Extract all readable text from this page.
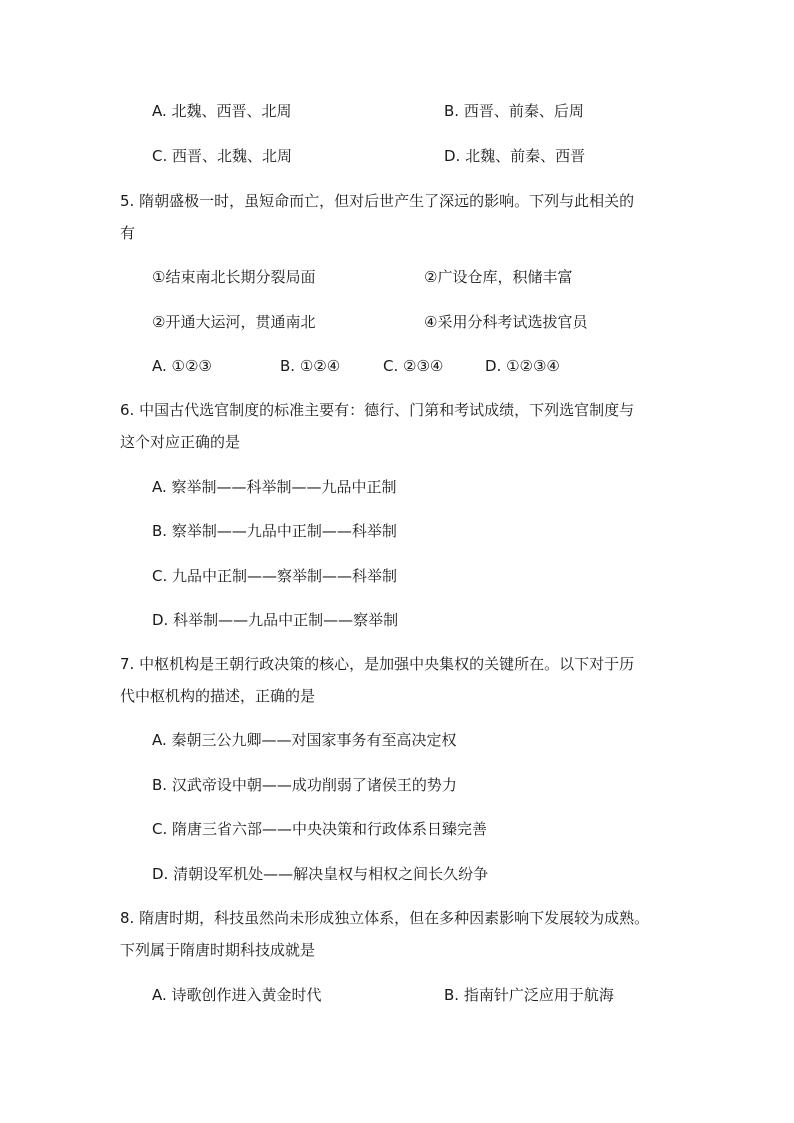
A. 北魏、西晋、北周	B. 西晋、前秦、后周
C. 西晋、北魏、北周	D. 北魏、前秦、西晋
5. 隋朝盛极一时，虽短命而亡，但对后世产生了深远的影响。下列与此相关的
有
①结束南北长期分裂局面	②广设仓库，积储丰富
②开通大运河，贯通南北	④采用分科考试选拔官员
A. ①②③	B. ①②④	C. ②③④	D. ①②③④
6. 中国古代选官制度的标准主要有：德行、门第和考试成绩，下列选官制度与
这个对应正确的是
A. 察举制——科举制——九品中正制
B. 察举制——九品中正制——科举制
C. 九品中正制——察举制——科举制
D. 科举制——九品中正制——察举制
7. 中枢机构是王朝行政决策的核心，是加强中央集权的关键所在。以下对于历
代中枢机构的描述，正确的是
A. 秦朝三公九卿——对国家事务有至高决定权
B. 汉武帝设中朝——成功削弱了诸侯王的势力
C. 隋唐三省六部——中央决策和行政体系日臻完善
D. 清朝设军机处——解决皇权与相权之间长久纷争
8. 隋唐时期，科技虽然尚未形成独立体系，但在多种因素影响下发展较为成熟。
下列属于隋唐时期科技成就是
A. 诗歌创作进入黄金时代	B. 指南针广泛应用于航海
